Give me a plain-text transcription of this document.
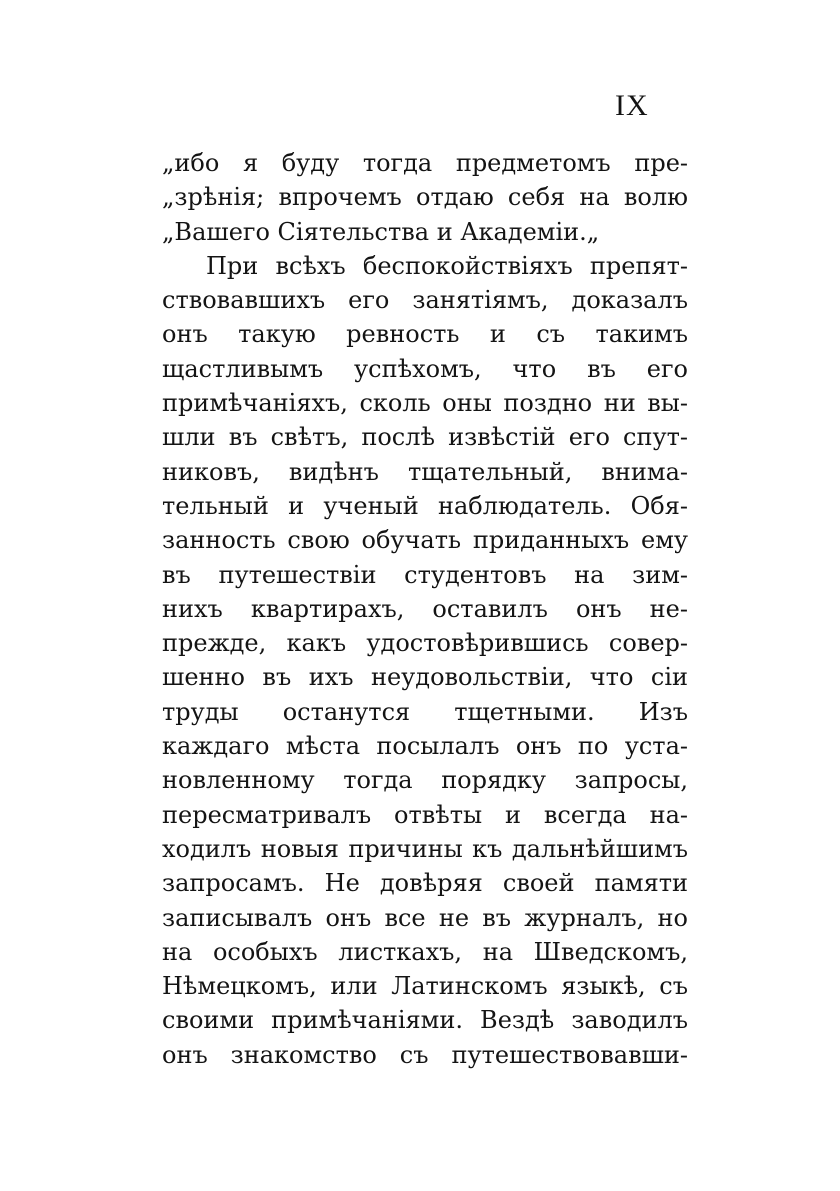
IX
„ибо я буду тогда предметомъ пре-
„зрѣнія; впрочемъ отдаю себя на волю
„Вашего Сіятельства и Академіи.„
При всѣхъ беспокойствіяхъ препят-
ствовавшихъ его занятіямъ, доказалъ
онъ такую ревность и съ такимъ
щастливымъ успѣхомъ, что въ его
примѣчаніяхъ, сколь оны поздно ни вы-
шли въ свѣтъ, послѣ извѣстій его спут-
никовъ, видѣнъ тщательный, внима-
тельный и ученый наблюдатель. Обя-
занность свою обучать приданныхъ ему
въ путешествіи студентовъ на зим-
нихъ квартирахъ, оставилъ онъ не-
прежде, какъ удостовѣрившись совер-
шенно въ ихъ неудовольствіи, что сіи
труды останутся тщетными. Изъ
каждаго мѣста посылалъ онъ по уста-
новленному тогда порядку запросы,
пересматривалъ отвѣты и всегда на-
ходилъ новыя причины къ дальнѣйшимъ
запросамъ. Не довѣряя своей памяти
записывалъ онъ все не въ журналъ, но
на особыхъ листкахъ, на Шведскомъ,
Нѣмецкомъ, или Латинскомъ языкѣ, съ
своими примѣчаніями. Вездѣ заводилъ
онъ знакомство съ путешествовавши-
